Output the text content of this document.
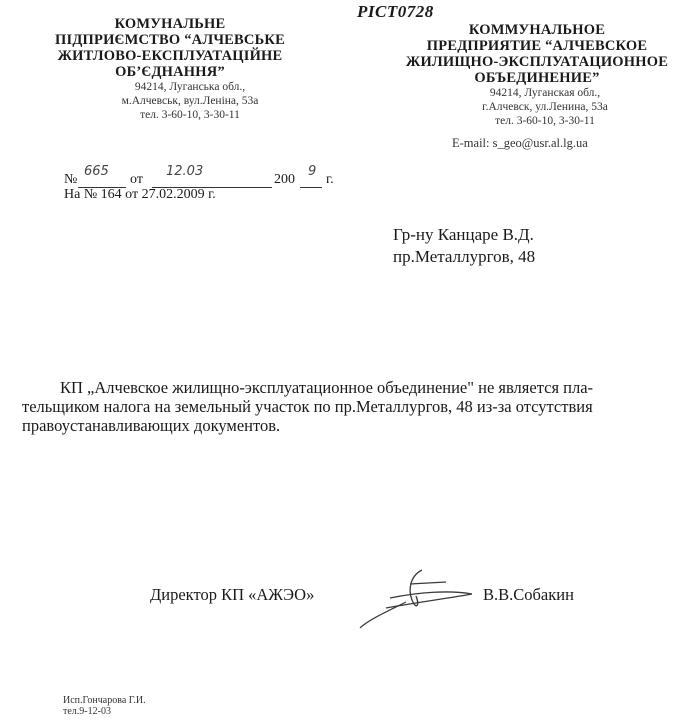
PICT0728
КОМУНАЛЬНЕ
ПІДПРИЄМСТВО “АЛЧЕВСЬКЕ
ЖИТЛОВО-ЕКСПЛУАТАЦІЙНЕ
ОБ’ЄДНАННЯ”
94214, Луганська обл.,
м.Алчевськ, вул.Леніна, 53а
тел. 3-60-10, 3-30-11
КОММУНАЛЬНОЕ
ПРЕДПРИЯТИЕ “АЛЧЕВСКОЕ
ЖИЛИЩНО-ЭКСПЛУАТАЦИОННОЕ
ОБЪЕДИНЕНИЕ”
94214, Луганская обл.,
г.Алчевск, ул.Ленина, 53а
тел. 3-60-10, 3-30-11
E-mail: s_geo@usr.al.lg.ua
№
665
от
12.03
200
9
г.
На № 164 от 27.02.2009 г.
Гр-ну Канцаре В.Д.
пр.Металлургов, 48
КП „Алчевское жилищно-эксплуатационное объединение" не является пла-
тельщиком налога на земельный участок по пр.Металлургов, 48 из-за отсутствия
правоустанавливающих документов.
Директор КП «АЖЭО»	В.В.Собакин
Исп.Гончарова Г.И.
тел.9-12-03
